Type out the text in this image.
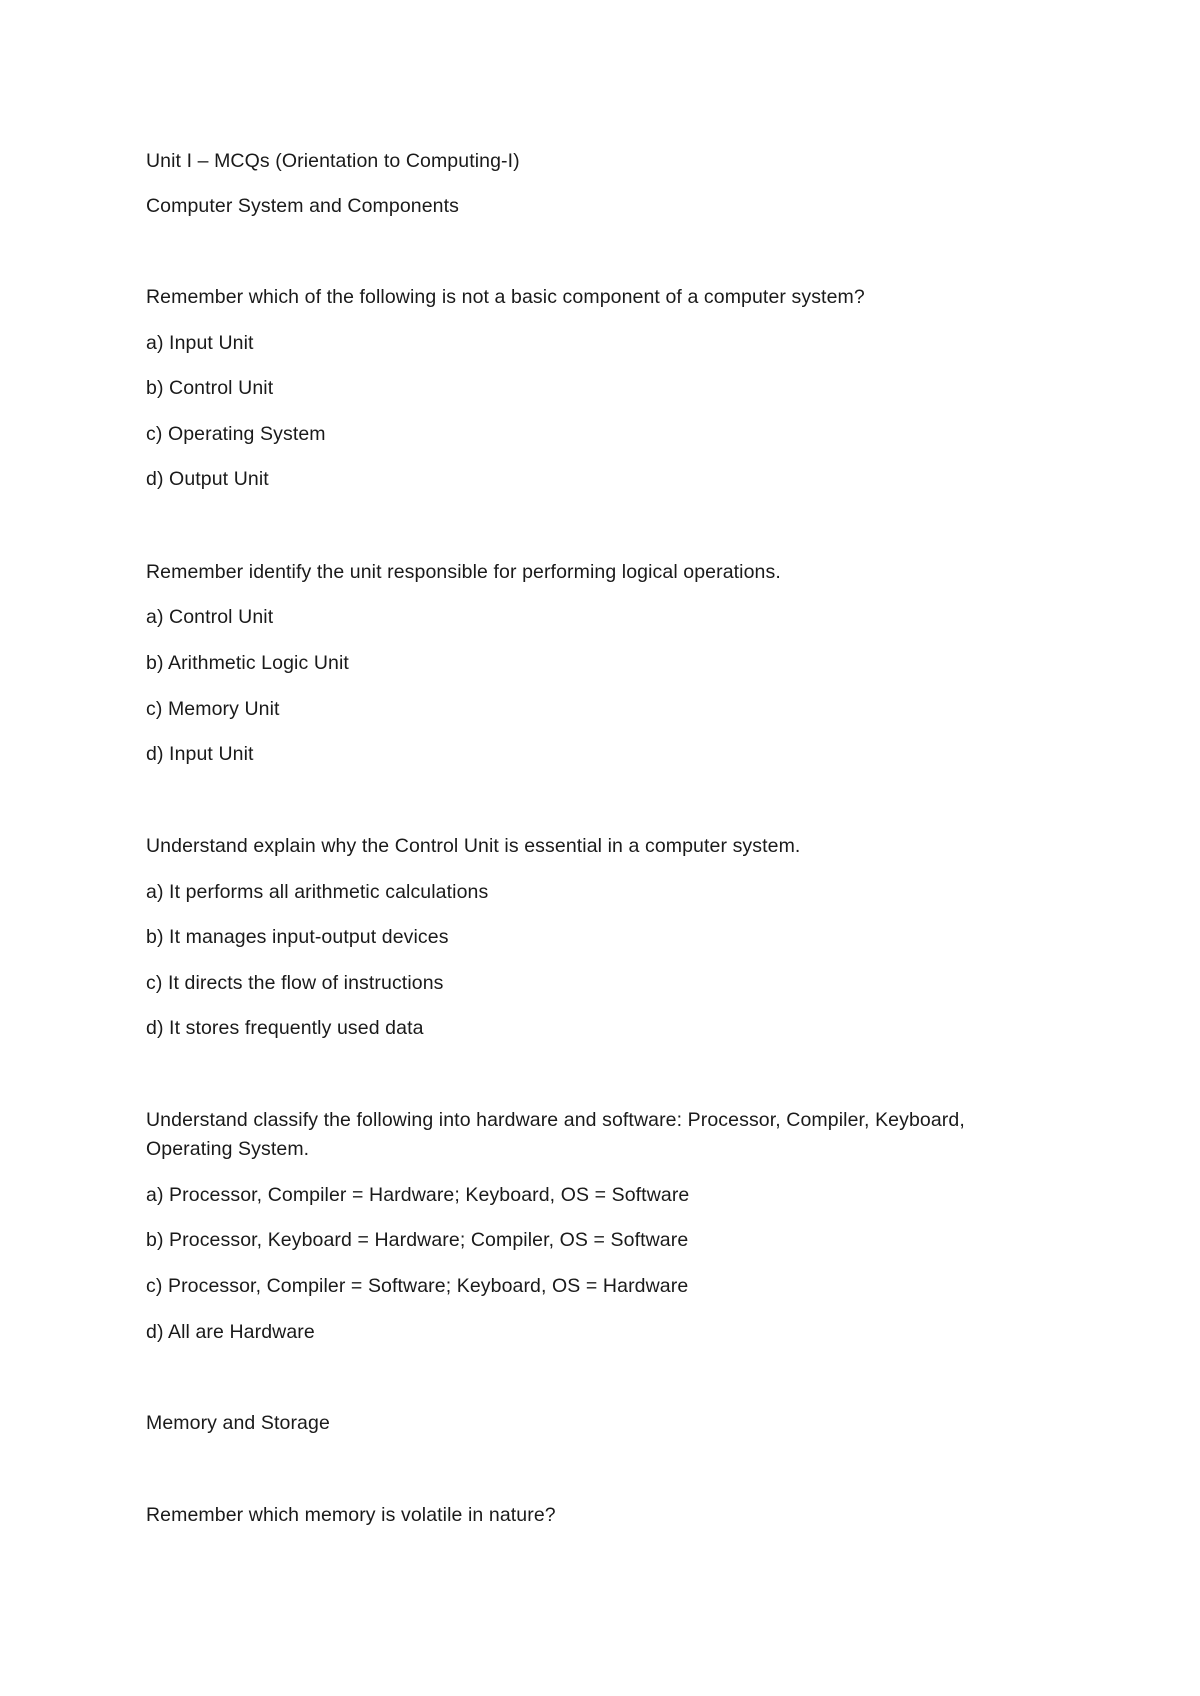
Unit I – MCQs (Orientation to Computing-I)
Computer System and Components
Remember which of the following is not a basic component of a computer system?
a) Input Unit
b) Control Unit
c) Operating System
d) Output Unit
Remember identify the unit responsible for performing logical operations.
a) Control Unit
b) Arithmetic Logic Unit
c) Memory Unit
d) Input Unit
Understand explain why the Control Unit is essential in a computer system.
a) It performs all arithmetic calculations
b) It manages input-output devices
c) It directs the flow of instructions
d) It stores frequently used data
Understand classify the following into hardware and software: Processor, Compiler, Keyboard,
Operating System.
a) Processor, Compiler = Hardware; Keyboard, OS = Software
b) Processor, Keyboard = Hardware; Compiler, OS = Software
c) Processor, Compiler = Software; Keyboard, OS = Hardware
d) All are Hardware
Memory and Storage
Remember which memory is volatile in nature?
